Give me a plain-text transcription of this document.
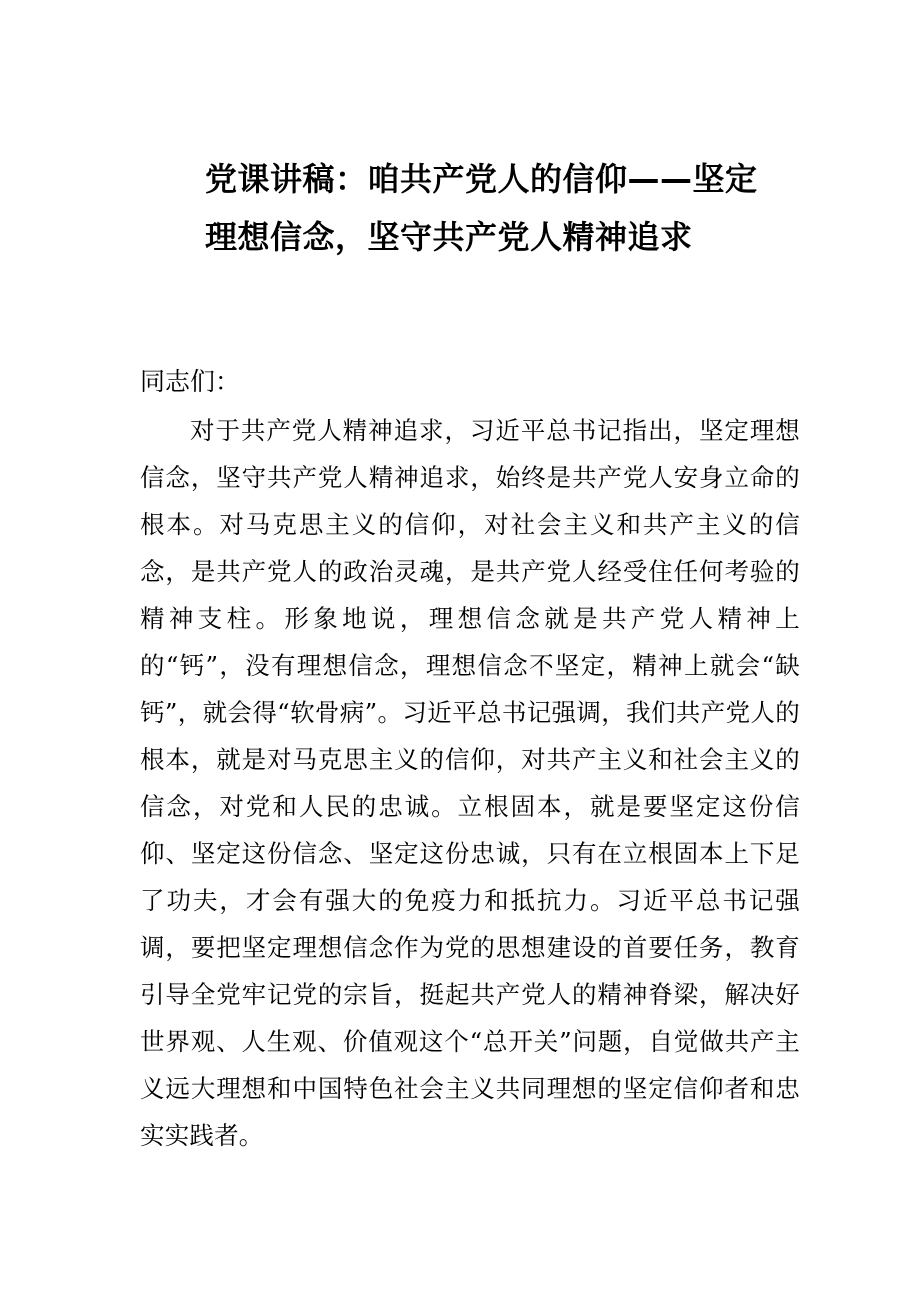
党课讲稿：咱共产党人的信仰——坚定
理想信念，坚守共产党人精神追求

同志们：

对于共产党人精神追求，习近平总书记指出，坚定理想信念，坚守共产党人精神追求，始终是共产党人安身立命的根本。对马克思主义的信仰，对社会主义和共产主义的信念，是共产党人的政治灵魂，是共产党人经受住任何考验的精神支柱。形象地说，理想信念就是共产党人精神上的“钙”，没有理想信念，理想信念不坚定，精神上就会“缺钙”，就会得“软骨病”。习近平总书记强调，我们共产党人的根本，就是对马克思主义的信仰，对共产主义和社会主义的信念，对党和人民的忠诚。立根固本，就是要坚定这份信仰、坚定这份信念、坚定这份忠诚，只有在立根固本上下足了功夫，才会有强大的免疫力和抵抗力。习近平总书记强调，要把坚定理想信念作为党的思想建设的首要任务，教育引导全党牢记党的宗旨，挺起共产党人的精神脊梁，解决好世界观、人生观、价值观这个“总开关”问题，自觉做共产主义远大理想和中国特色社会主义共同理想的坚定信仰者和忠实实践者。
